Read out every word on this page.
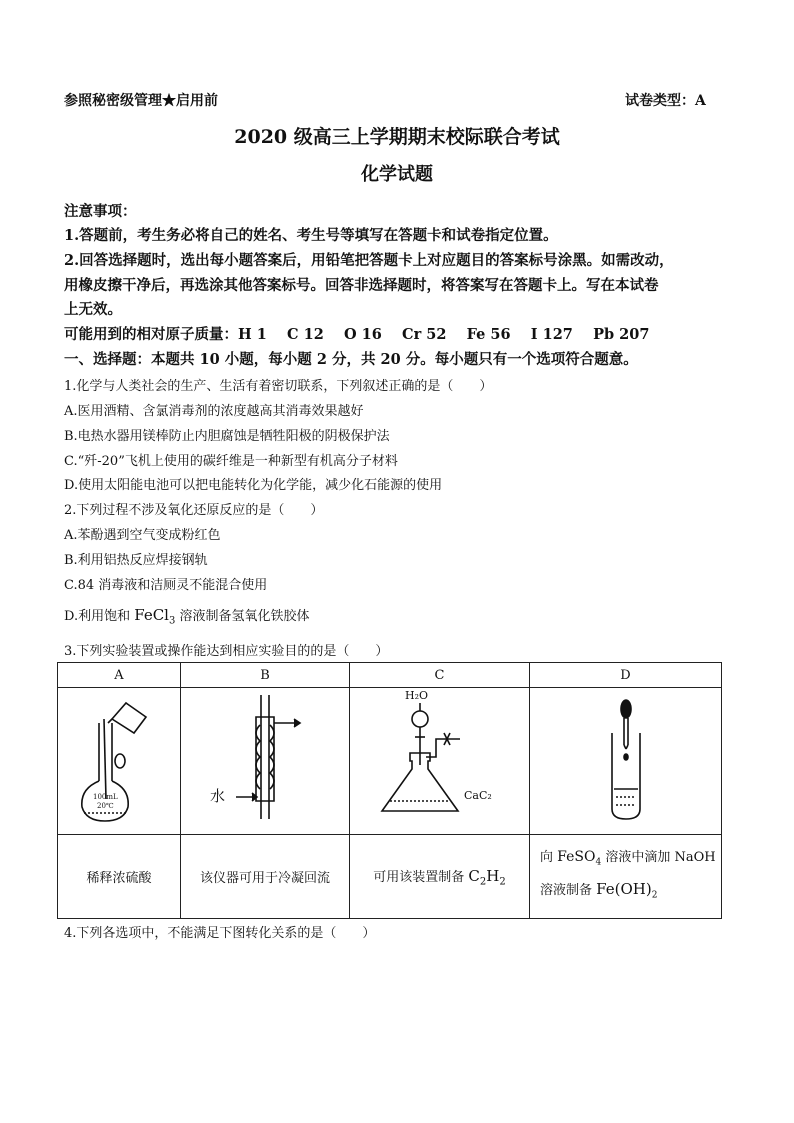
参照秘密级管理★启用前	试卷类型：A
2020 级高三上学期期末校际联合考试
化学试题
注意事项：
1.答题前，考生务必将自己的姓名、考生号等填写在答题卡和试卷指定位置。
2.回答选择题时，选出每小题答案后，用铅笔把答题卡上对应题目的答案标号涂黑。如需改动，
用橡皮擦干净后，再选涂其他答案标号。回答非选择题时，将答案写在答题卡上。写在本试卷
上无效。
可能用到的相对原子质量：H 1    C 12    O 16    Cr 52    Fe 56    I 127    Pb 207
一、选择题：本题共 10 小题，每小题 2 分，共 20 分。每小题只有一个选项符合题意。
1.化学与人类社会的生产、生活有着密切联系，下列叙述正确的是（　　）
A.医用酒精、含氯消毒剂的浓度越高其消毒效果越好
B.电热水器用镁棒防止内胆腐蚀是牺牲阳极的阴极保护法
C.“歼-20”飞机上使用的碳纤维是一种新型有机高分子材料
D.使用太阳能电池可以把电能转化为化学能，减少化石能源的使用
2.下列过程不涉及氧化还原反应的是（　　）
A.苯酚遇到空气变成粉红色
B.利用铝热反应焊接钢轨
C.84 消毒液和洁厕灵不能混合使用
D.利用饱和 FeCl$_3$ 溶液制备氢氧化铁胶体
3.下列实验装置或操作能达到相应实验目的的是（　　）
A	B	C	D

100mL
20℃	水	H₂O
CaC₂

稀释浓硫酸	该仪器可用于冷凝回流	可用该装置制备 $C_2H_2$	向 FeSO$_4$ 溶液中滴加 NaOH
溶液制备 $Fe(OH)_2$
4.下列各选项中，不能满足下图转化关系的是（　　）
